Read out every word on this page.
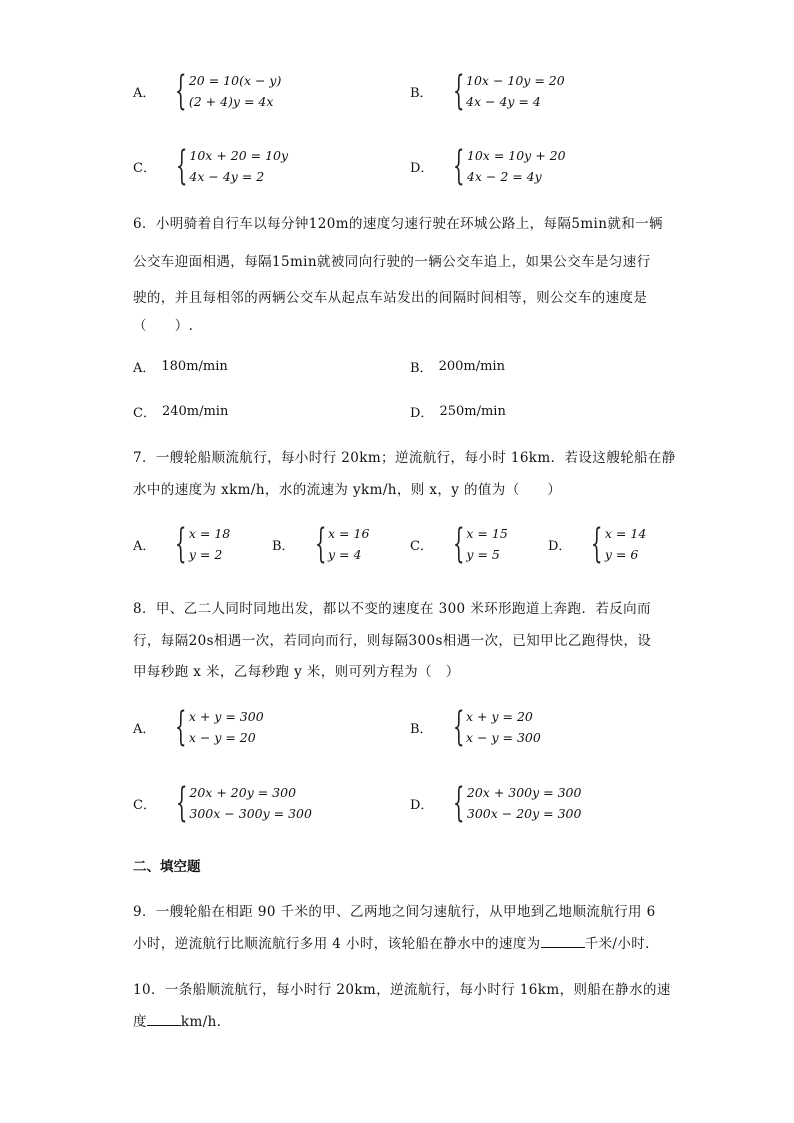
A． { 20 = 10(x − y)
(2 + 4)y = 4x
B． { 10x − 10y = 20
4x − 4y = 4
C． { 10x + 20 = 10y
4x − 4y = 2
D． { 10x = 10y + 20
4x − 2 = 4y
6．小明骑着自行车以每分钟120m的速度匀速行驶在环城公路上，每隔5min就和一辆
公交车迎面相遇，每隔15min就被同向行驶的一辆公交车追上，如果公交车是匀速行
驶的，并且每相邻的两辆公交车从起点车站发出的间隔时间相等，则公交车的速度是
（　　）.
A． 180m/min	B． 200m/min
C． 240m/min	D． 250m/min
7．一艘轮船顺流航行，每小时行 20km；逆流航行，每小时 16km．若设这艘轮船在静
水中的速度为 xkm/h，水的流速为 ykm/h，则 x，y 的值为（　　）
A． { x = 18
y = 2
B． { x = 16
y = 4
C． { x = 15
y = 5
D． { x = 14
y = 6
8．甲、乙二人同时同地出发，都以不变的速度在 300 米环形跑道上奔跑．若反向而
行，每隔20s相遇一次，若同向而行，则每隔300s相遇一次，已知甲比乙跑得快，设
甲每秒跑 x 米，乙每秒跑 y 米，则可列方程为（　）
A． { x + y = 300
x − y = 20
B． { x + y = 20
x − y = 300
C． { 20x + 20y = 300
300x − 300y = 300
D． { 20x + 300y = 300
300x − 20y = 300
二、填空题
9．一艘轮船在相距 90 千米的甲、乙两地之间匀速航行，从甲地到乙地顺流航行用 6
小时，逆流航行比顺流航行多用 4 小时，该轮船在静水中的速度为	千米/小时．
10．一条船顺流航行，每小时行 20km，逆流航行，每小时行 16km，则船在静水的速
度	km/h．
